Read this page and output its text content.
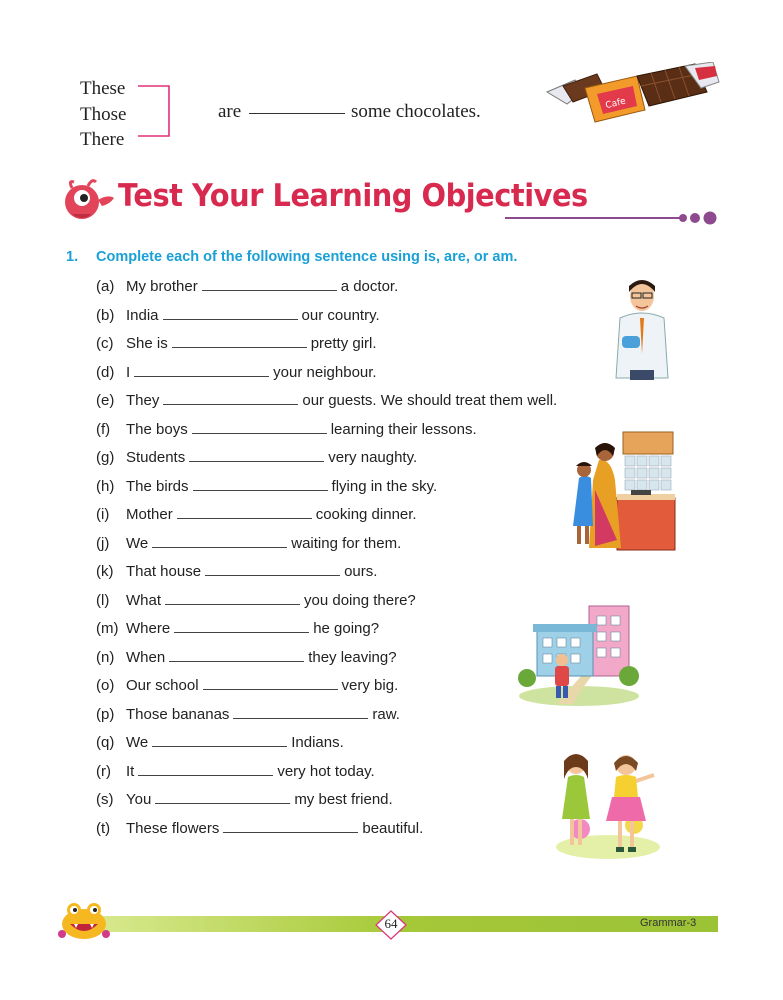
These
Those
There
are	some chocolates.	Cafe
Test Your Learning Objectives
1. Complete each of the following sentence using is, are, or am.
(a) My brother	a doctor.
(b) India	our country.
(c) She is	pretty girl.
(d) I	your neighbour.
(e) They	our guests. We should treat them well.
(f) The boys	learning their lessons.
(g) Students	very naughty.
(h) The birds	flying in the sky.
(i) Mother	cooking dinner.
(j) We	waiting for them.
(k) That house	ours.
(l) What	you doing there?
(m) Where	he going?
(n) When	they leaving?
(o) Our school	very big.
(p) Those bananas	raw.
(q) We	Indians.
(r) It	very hot today.
(s) You	my best friend.
(t) These flowers	beautiful.
64	Grammar-3
